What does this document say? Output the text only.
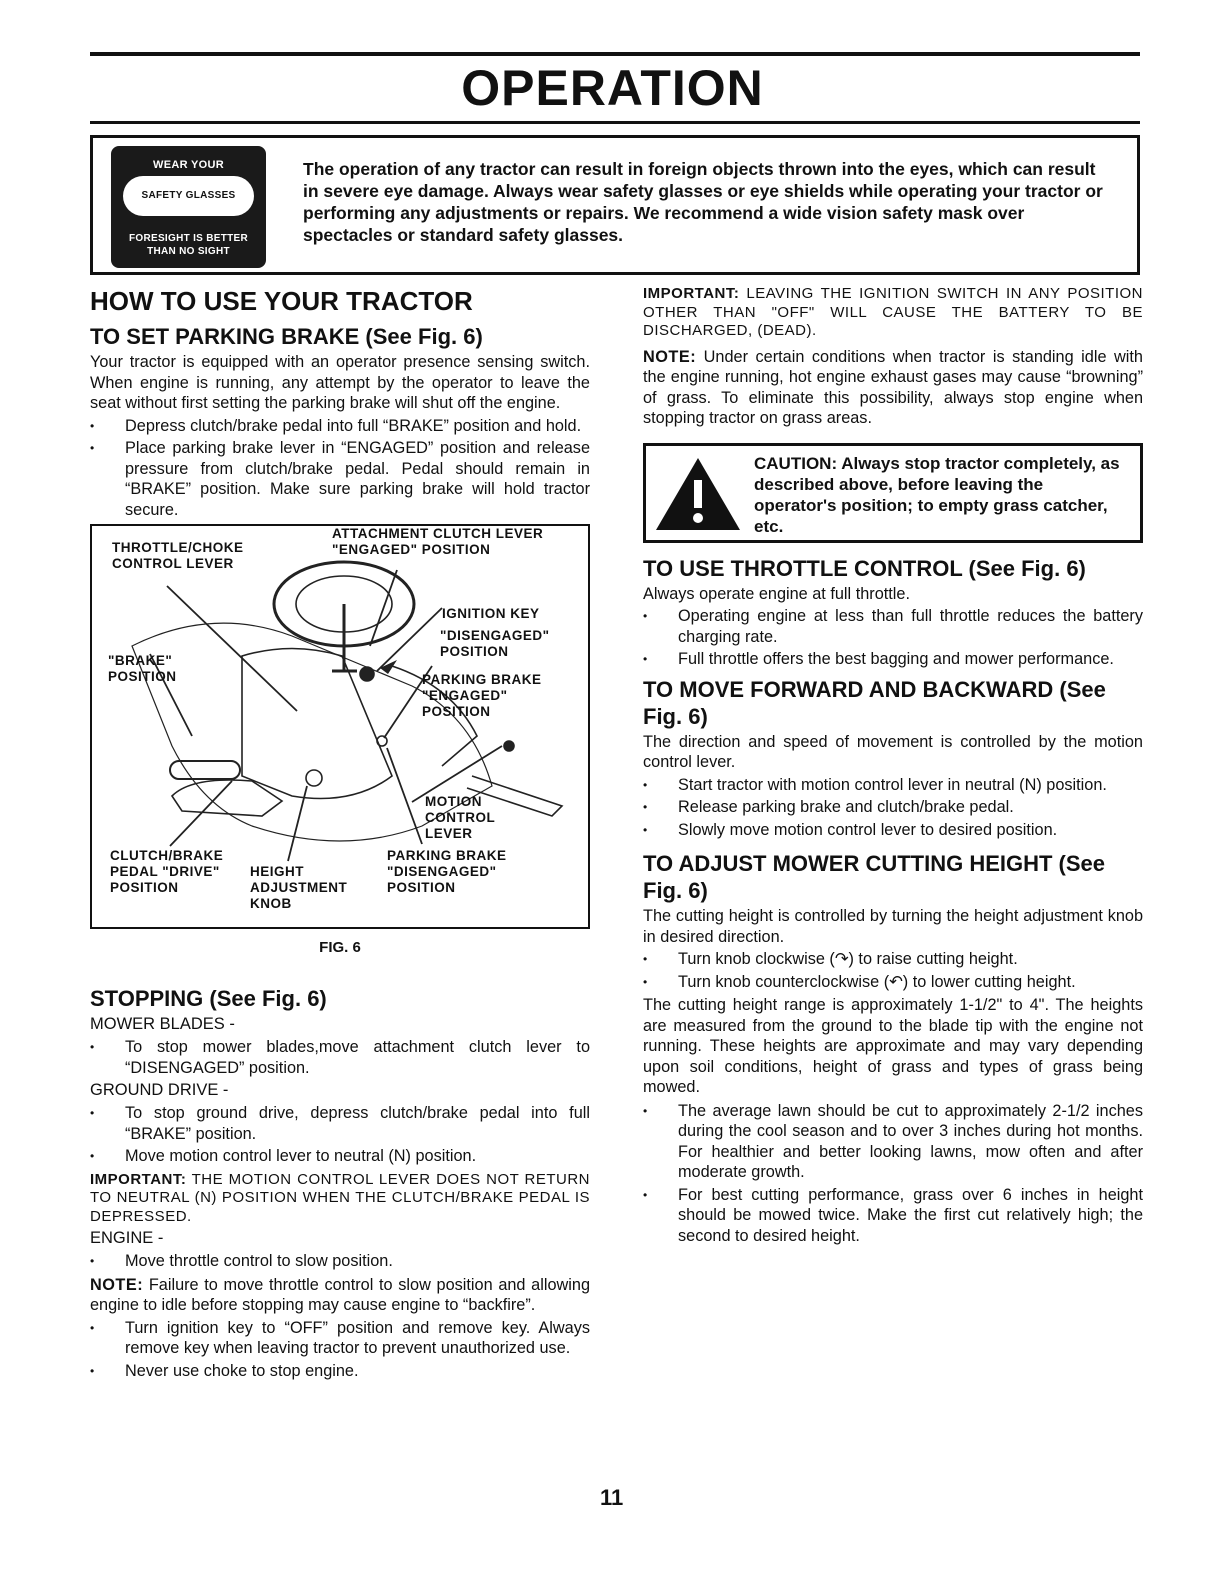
OPERATION
WEAR YOUR
SAFETY GLASSES
FORESIGHT IS BETTER
THAN NO SIGHT
The operation of any tractor can result in foreign objects thrown into the eyes, which can result in severe eye damage. Always wear safety glasses or eye shields while operating your tractor or performing any adjustments or repairs. We recommend a wide vision safety mask over spectacles or standard safety glasses.
HOW TO USE YOUR TRACTOR
TO SET PARKING BRAKE (See Fig. 6)

Your tractor is equipped with an operator presence sensing switch. When engine is running, any attempt by the operator to leave the seat without first setting the parking brake will shut off the engine.

• Depress clutch/brake pedal into full “BRAKE” position and hold.
• Place parking brake lever in “ENGAGED” position and release pressure from clutch/brake pedal. Pedal should remain in “BRAKE” position. Make sure parking brake will hold tractor secure.
THROTTLE/CHOKE
CONTROL LEVER
ATTACHMENT CLUTCH LEVER
"ENGAGED" POSITION
IGNITION KEY
"DISENGAGED"
POSITION
"BRAKE"
POSITION	PARKING BRAKE
"ENGAGED"
POSITION
MOTION
CONTROL
LEVER
CLUTCH/BRAKE
PEDAL "DRIVE"
POSITION
HEIGHT
ADJUSTMENT
KNOB
PARKING BRAKE
"DISENGAGED"
POSITION
FIG. 6
STOPPING (See Fig. 6)

MOWER BLADES -

• To stop mower blades,move attachment clutch lever to “DISENGAGED” position.

GROUND DRIVE -

• To stop ground drive, depress clutch/brake pedal into full “BRAKE” position.
• Move motion control lever to neutral (N) position.

IMPORTANT: THE MOTION CONTROL LEVER DOES NOT RETURN TO NEUTRAL (N) POSITION WHEN THE CLUTCH/BRAKE PEDAL IS DEPRESSED.

ENGINE -

• Move throttle control to slow position.

NOTE: Failure to move throttle control to slow position and allowing engine to idle before stopping may cause engine to “backfire”.

• Turn ignition key to “OFF” position and remove key. Always remove key when leaving tractor to prevent unauthorized use.
• Never use choke to stop engine.

IMPORTANT: LEAVING THE IGNITION SWITCH IN ANY POSITION OTHER THAN "OFF" WILL CAUSE THE BATTERY TO BE DISCHARGED, (DEAD).

NOTE: Under certain conditions when tractor is standing idle with the engine running, hot engine exhaust gases may cause “browning” of grass. To eliminate this possibility, always stop engine when stopping tractor on grass areas.

CAUTION: Always stop tractor completely, as described above, before leaving the operator's position; to empty grass catcher, etc.
TO USE THROTTLE CONTROL (See Fig. 6)

Always operate engine at full throttle.

• Operating engine at less than full throttle reduces the battery charging rate.
• Full throttle offers the best bagging and mower performance.
TO MOVE FORWARD AND BACKWARD (See Fig. 6)

The direction and speed of movement is controlled by the motion control lever.

• Start tractor with motion control lever in neutral (N) position.
• Release parking brake and clutch/brake pedal.
• Slowly move motion control lever to desired position.
TO ADJUST MOWER CUTTING HEIGHT (See Fig. 6)

The cutting height is controlled by turning the height adjustment knob in desired direction.

• Turn knob clockwise (↷) to raise cutting height.
• Turn knob counterclockwise (↶) to lower cutting height.

The cutting height range is approximately 1-1/2" to 4". The heights are measured from the ground to the blade tip with the engine not running. These heights are approximate and may vary depending upon soil conditions, height of grass and types of grass being mowed.

• The average lawn should be cut to approximately 2-1/2 inches during the cool season and to over 3 inches during hot months. For healthier and better looking lawns, mow often and after moderate growth.
• For best cutting performance, grass over 6 inches in height should be mowed twice. Make the first cut relatively high; the second to desired height.
11
